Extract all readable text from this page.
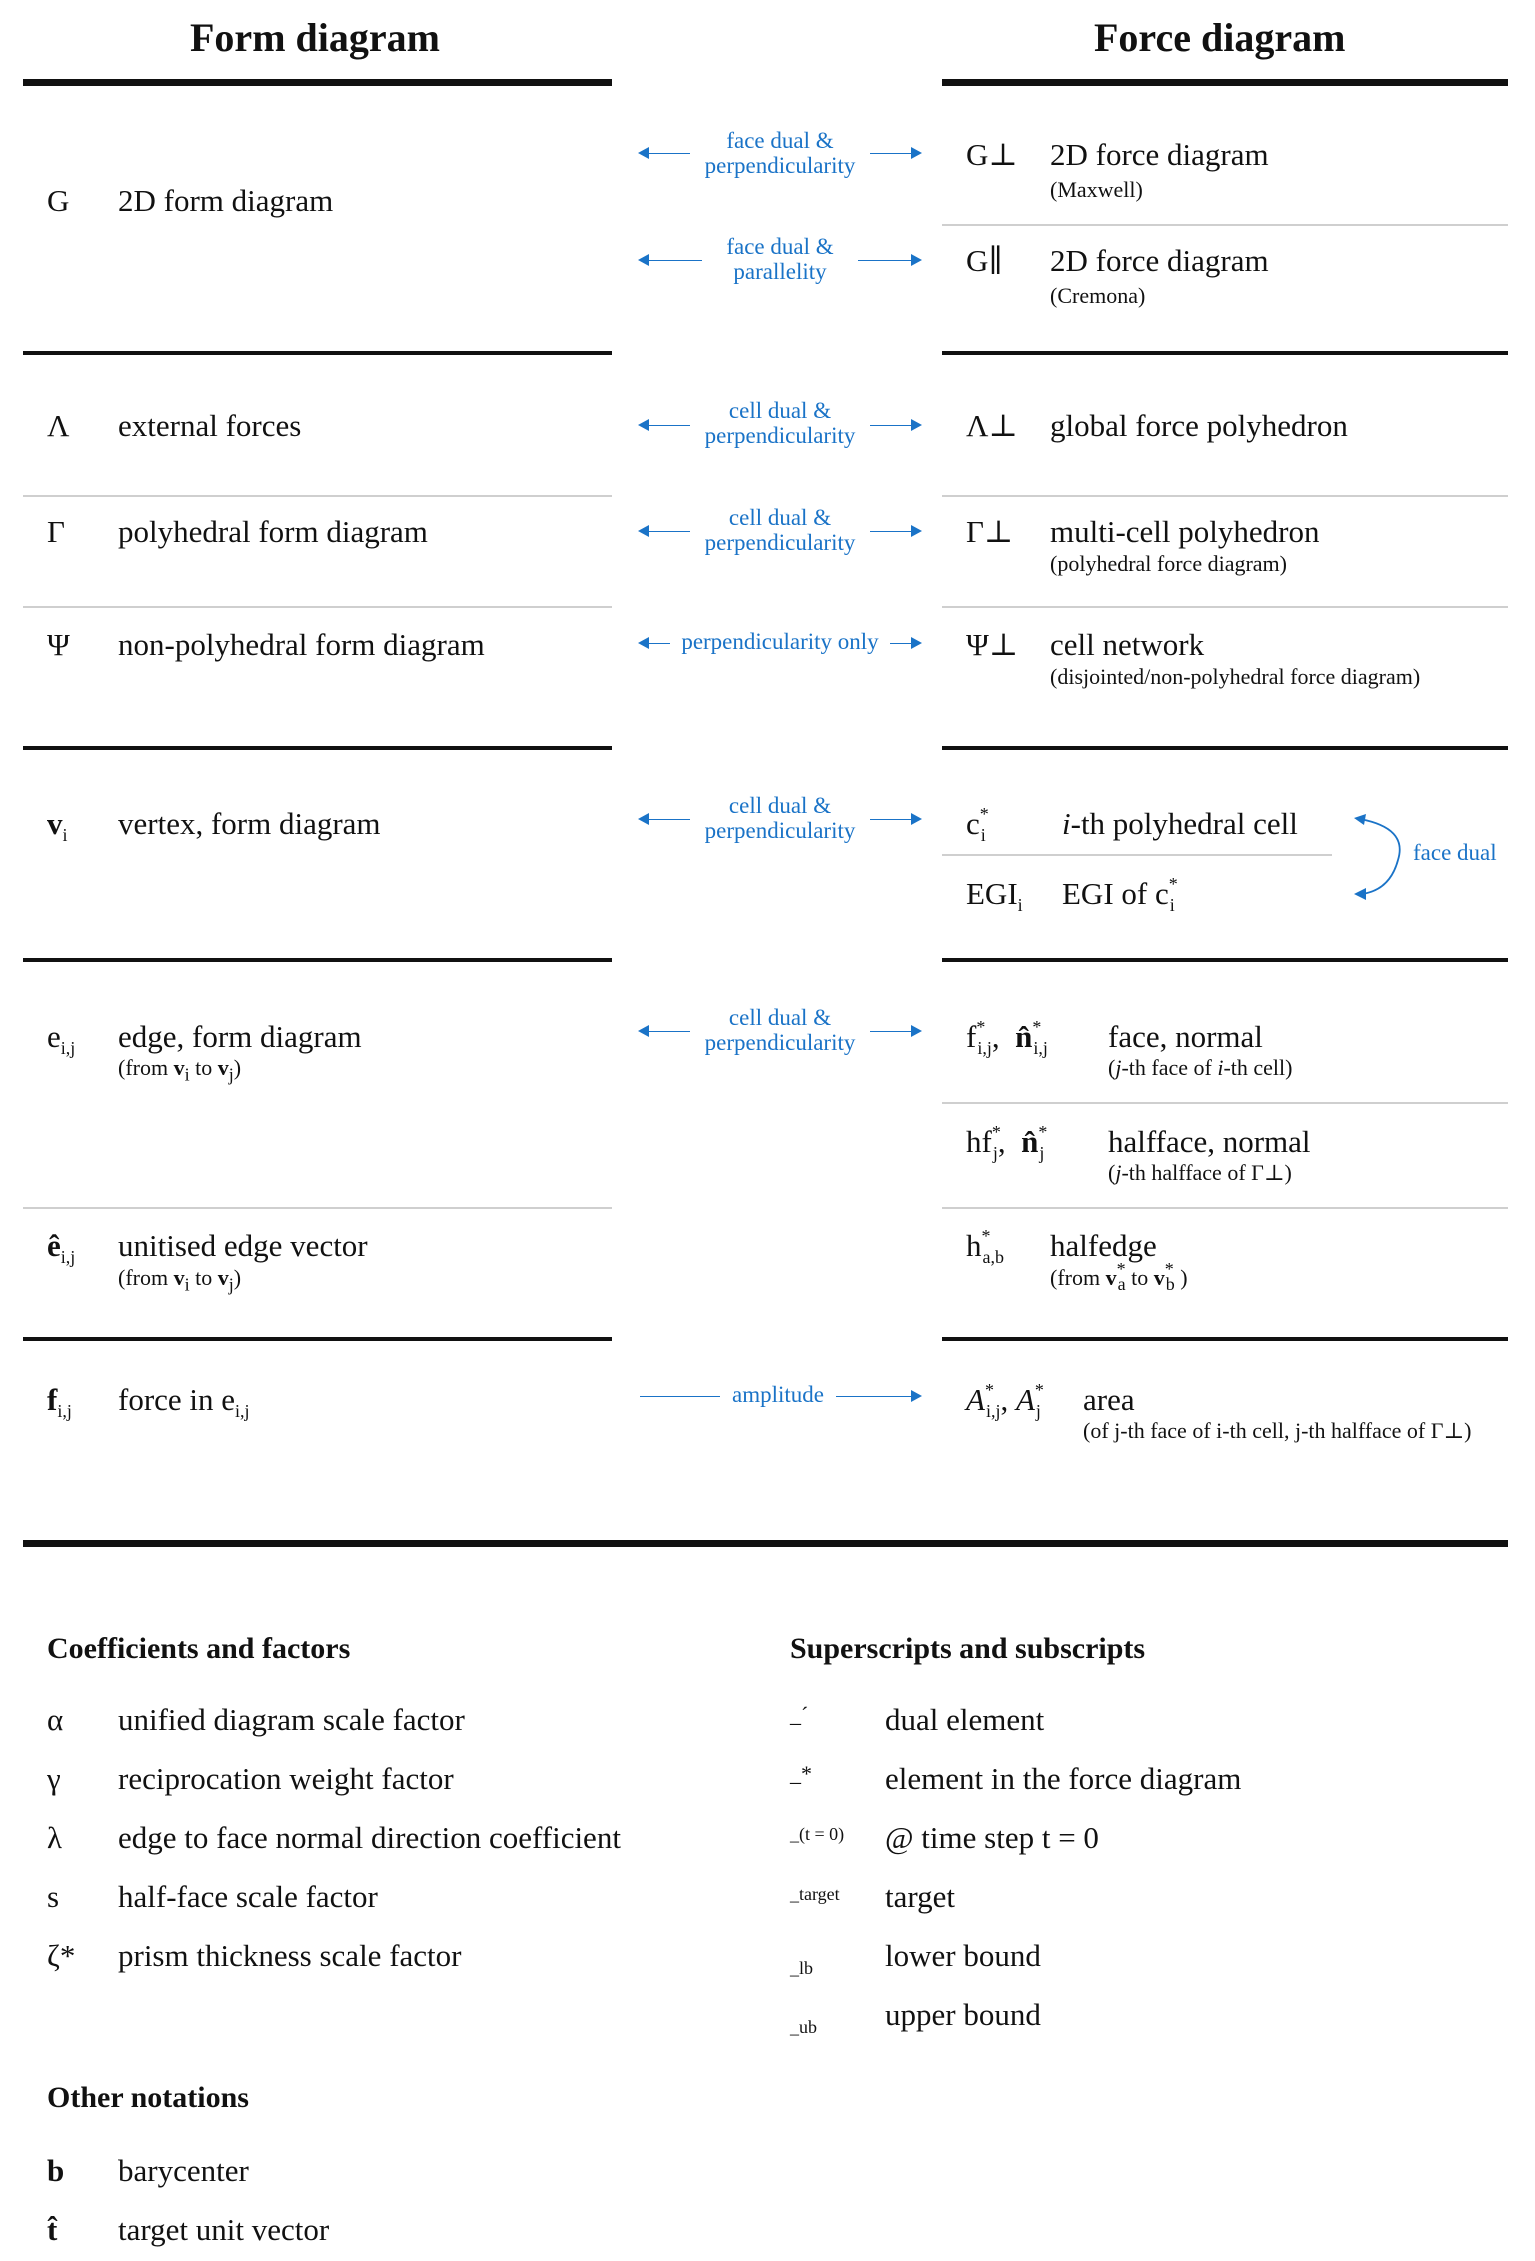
Form diagram	Force diagram
G 2D form diagram
Λ external forces
Γ polyhedral form diagram
Ψ non-polyhedral form diagram
$v_i$ vertex, form diagram
$e_{i,j}$ edge, form diagram
(from $v_i$ to $v_j$)
$ê_{i,j}$ unitised edge vector
(from $v_i$ to $v_j$)
$f_{i,j}$ force in $e_{i,j}$
face dual &
perpendicularity
face dual &
parallelity
cell dual &
perpendicularity
cell dual &
perpendicularity
perpendicularity only
cell dual &
perpendicularity
cell dual &
perpendicularity
amplitude
G⊥ 2D force diagram
(Maxwell)
G∥ 2D force diagram
(Cremona)
Λ⊥ global force polyhedron
Γ⊥ multi-cell polyhedron
(polyhedral force diagram)
Ψ⊥ cell network
(disjointed/non-polyhedral force diagram)
$c^*_i$ i-th polyhedral cell
$EGI_i$ EGI of $c^*_i$
face dual
$f^*_{i,j}$,  $n̂^*_{i,j}$ face, normal
(j-th face of i-th cell)
$hf^*_j$,  $n̂^*_j$ halfface, normal
(j-th halfface of Γ⊥)
$h^*_{a,b}$ halfedge
(from $v^*_a$ to $v^*_b$ )
$A^*_{i,j}$, $A^*_j$ area
(of j-th face of i-th cell, j-th halfface of Γ⊥)
Coefficients and factors
α unified diagram scale factor
γ reciprocation weight factor
λ edge to face normal direction coefficient
s half-face scale factor
ζ* prism thickness scale factor
Superscripts and subscripts
_´ dual element
_* element in the force diagram
_(t = 0) @ time step t = 0
_target target
_lb lower bound
_ub upper bound
Other notations
b barycenter
t̂ target unit vector
